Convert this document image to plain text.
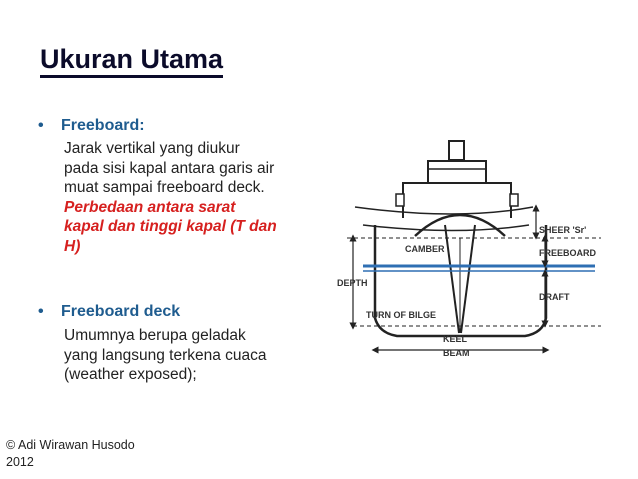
Ukuran Utama
• Freeboard:
Jarak vertikal yang diukur
pada sisi kapal antara garis air
muat sampai freeboard deck.
Perbedaan antara sarat
kapal dan tinggi kapal (T dan
H)
• Freeboard deck
Umumnya berupa geladak
yang langsung terkena cuaca
(weather exposed);
© Adi Wirawan Husodo
2012
SHEER 'Sr'
CAMBER	FREEBOARD
DEPTH
DRAFT
TURN OF BILGE
KEEL
BEAM
